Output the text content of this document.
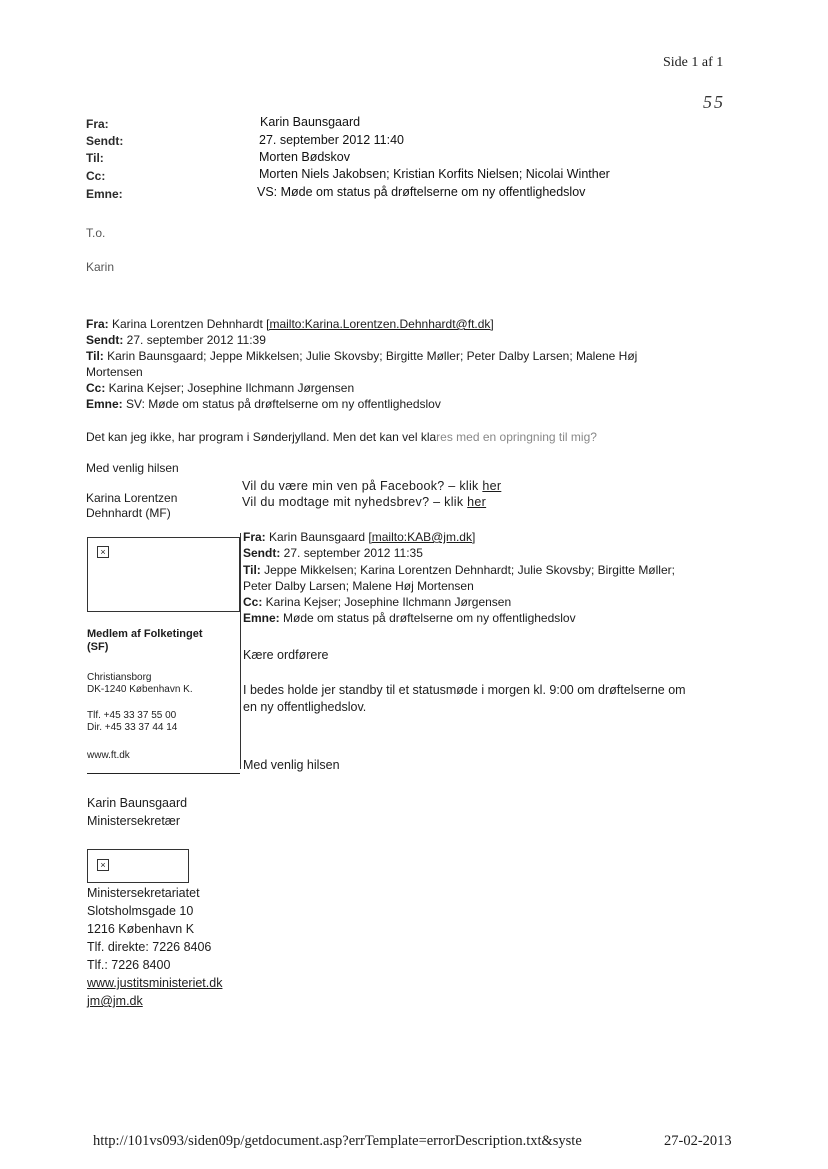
Side 1 af 1
55
Fra:
Sendt:
Til:
Cc:
Emne:
Karin Baunsgaard
27. september 2012 11:40
Morten Bødskov
Morten Niels Jakobsen; Kristian Korfits Nielsen; Nicolai Winther
VS: Møde om status på drøftelserne om ny offentlighedslov
T.o.
Karin
Fra: Karina Lorentzen Dehnhardt [mailto:Karina.Lorentzen.Dehnhardt@ft.dk]
Sendt: 27. september 2012 11:39
Til: Karin Baunsgaard; Jeppe Mikkelsen; Julie Skovsby; Birgitte Møller; Peter Dalby Larsen; Malene Høj
Mortensen
Cc: Karina Kejser; Josephine Ilchmann Jørgensen
Emne: SV: Møde om status på drøftelserne om ny offentlighedslov
Det kan jeg ikke, har program i Sønderjylland. Men det kan vel klares med en opringning til mig?
Med venlig hilsen
Karina Lorentzen
Dehnhardt (MF)
Vil du være min ven på Facebook? – klik her
Vil du modtage mit nyhedsbrev? – klik her
×
Medlem af Folketinget
(SF)
Christiansborg
DK-1240 København K.
Tlf. +45 33 37 55 00
Dir. +45 33 37 44 14
www.ft.dk
Fra: Karin Baunsgaard [mailto:KAB@jm.dk]
Sendt: 27. september 2012 11:35
Til: Jeppe Mikkelsen; Karina Lorentzen Dehnhardt; Julie Skovsby; Birgitte Møller;
Peter Dalby Larsen; Malene Høj Mortensen
Cc: Karina Kejser; Josephine Ilchmann Jørgensen
Emne: Møde om status på drøftelserne om ny offentlighedslov
Kære ordførere
I bedes holde jer standby til et statusmøde i morgen kl. 9:00 om drøftelserne om
en ny offentlighedslov.
Med venlig hilsen
Karin Baunsgaard
Ministersekretær
×
Ministersekretariatet
Slotsholmsgade 10
1216 København K
Tlf. direkte: 7226 8406
Tlf.: 7226 8400
www.justitsministeriet.dk
jm@jm.dk
http://101vs093/siden09p/getdocument.asp?errTemplate=errorDescription.txt&syste	27-02-2013
